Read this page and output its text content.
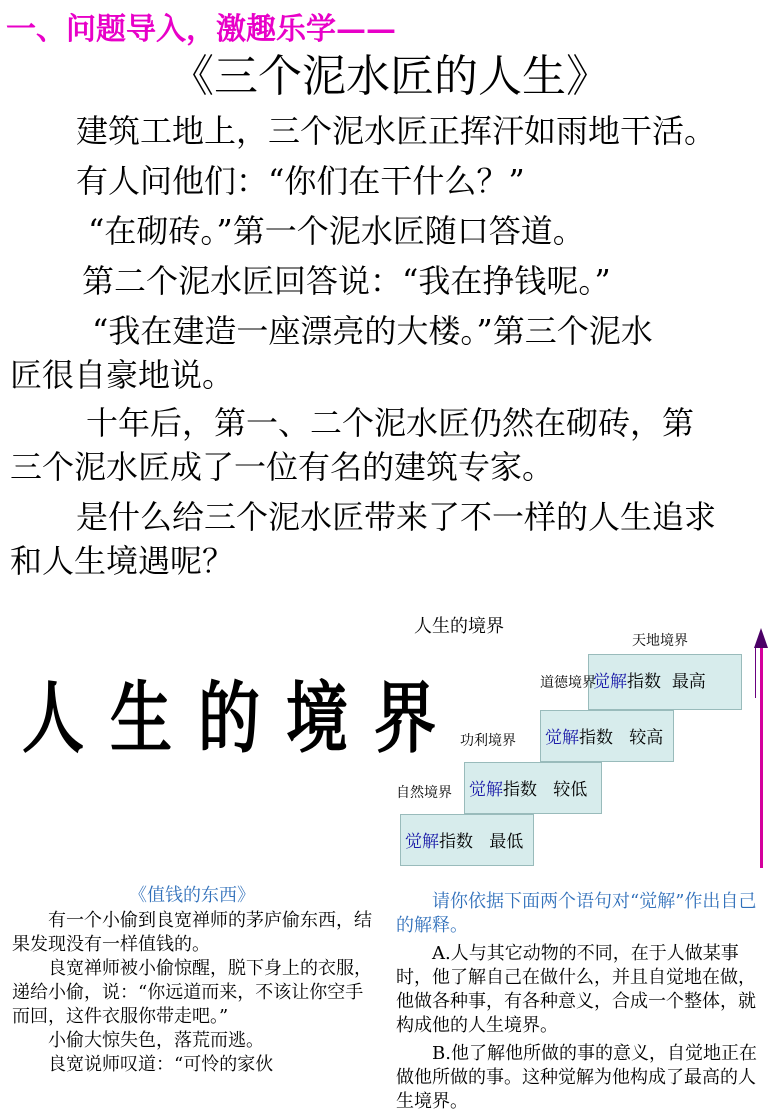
一、问题导入，激趣乐学——
《三个泥水匠的人生》
建筑工地上，三个泥水匠正挥汗如雨地干活。
有人问他们：“你们在干什么？”
“在砌砖。”第一个泥水匠随口答道。
第二个泥水匠回答说：“我在挣钱呢。”
“我在建造一座漂亮的大楼。”第三个泥水
匠很自豪地说。
十年后，第一、二个泥水匠仍然在砌砖，第
三个泥水匠成了一位有名的建筑专家。
是什么给三个泥水匠带来了不一样的人生追求
和人生境遇呢？
人生的境界
人生的境界
天地境界
觉解指数 最高
道德境界
觉解指数 较高
功利境界
觉解指数 较低
自然境界
觉解指数 最低
《值钱的东西》

有一个小偷到良宽禅师的茅庐偷东西，结果发现没有一样值钱的。

良宽禅师被小偷惊醒，脱下身上的衣服，递给小偷，说：“你远道而来，不该让你空手而回，这件衣服你带走吧。”

小偷大惊失色，落荒而逃。

良宽说师叹道：“可怜的家伙

请你依据下面两个语句对“觉解”作出自己的解释。

A.人与其它动物的不同，在于人做某事时，他了解自己在做什么，并且自觉地在做，他做各种事，有各种意义，合成一个整体，就构成他的人生境界。

B.他了解他所做的事的意义，自觉地正在做他所做的事。这种觉解为他构成了最高的人生境界。
